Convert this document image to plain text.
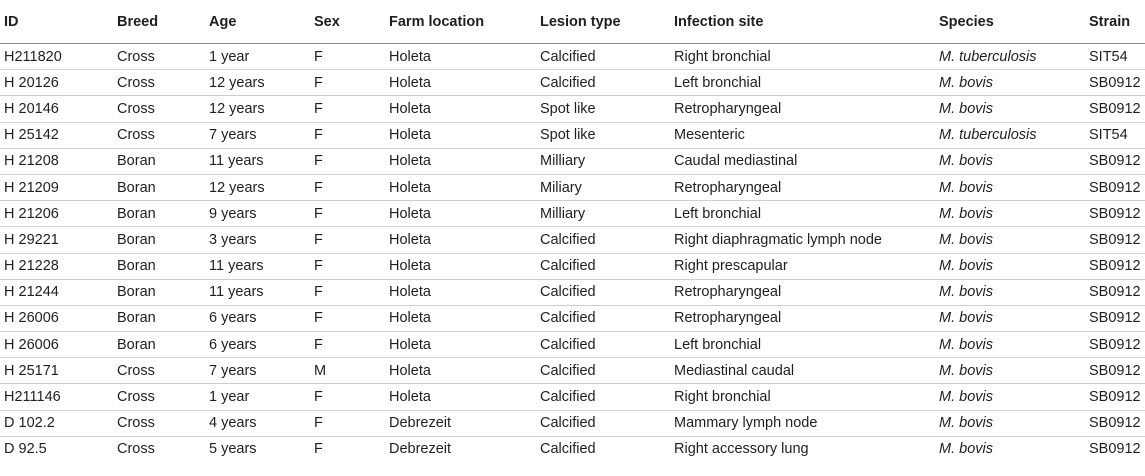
ID	Breed	Age	Sex	Farm location	Lesion type	Infection site	Species	Strain
H211820	Cross	1 year	F	Holeta	Calcified	Right bronchial	M. tuberculosis	SIT54
H 20126	Cross	12 years	F	Holeta	Calcified	Left bronchial	M. bovis	SB0912
H 20146	Cross	12 years	F	Holeta	Spot like	Retropharyngeal	M. bovis	SB0912
H 25142	Cross	7 years	F	Holeta	Spot like	Mesenteric	M. tuberculosis	SIT54
H 21208	Boran	11 years	F	Holeta	Milliary	Caudal mediastinal	M. bovis	SB0912
H 21209	Boran	12 years	F	Holeta	Miliary	Retropharyngeal	M. bovis	SB0912
H 21206	Boran	9 years	F	Holeta	Milliary	Left bronchial	M. bovis	SB0912
H 29221	Boran	3 years	F	Holeta	Calcified	Right diaphragmatic lymph node	M. bovis	SB0912
H 21228	Boran	11 years	F	Holeta	Calcified	Right prescapular	M. bovis	SB0912
H 21244	Boran	11 years	F	Holeta	Calcified	Retropharyngeal	M. bovis	SB0912
H 26006	Boran	6 years	F	Holeta	Calcified	Retropharyngeal	M. bovis	SB0912
H 26006	Boran	6 years	F	Holeta	Calcified	Left bronchial	M. bovis	SB0912
H 25171	Cross	7 years	M	Holeta	Calcified	Mediastinal caudal	M. bovis	SB0912
H211146	Cross	1 year	F	Holeta	Calcified	Right bronchial	M. bovis	SB0912
D 102.2	Cross	4 years	F	Debrezeit	Calcified	Mammary lymph node	M. bovis	SB0912
D 92.5	Cross	5 years	F	Debrezeit	Calcified	Right accessory lung	M. bovis	SB0912
